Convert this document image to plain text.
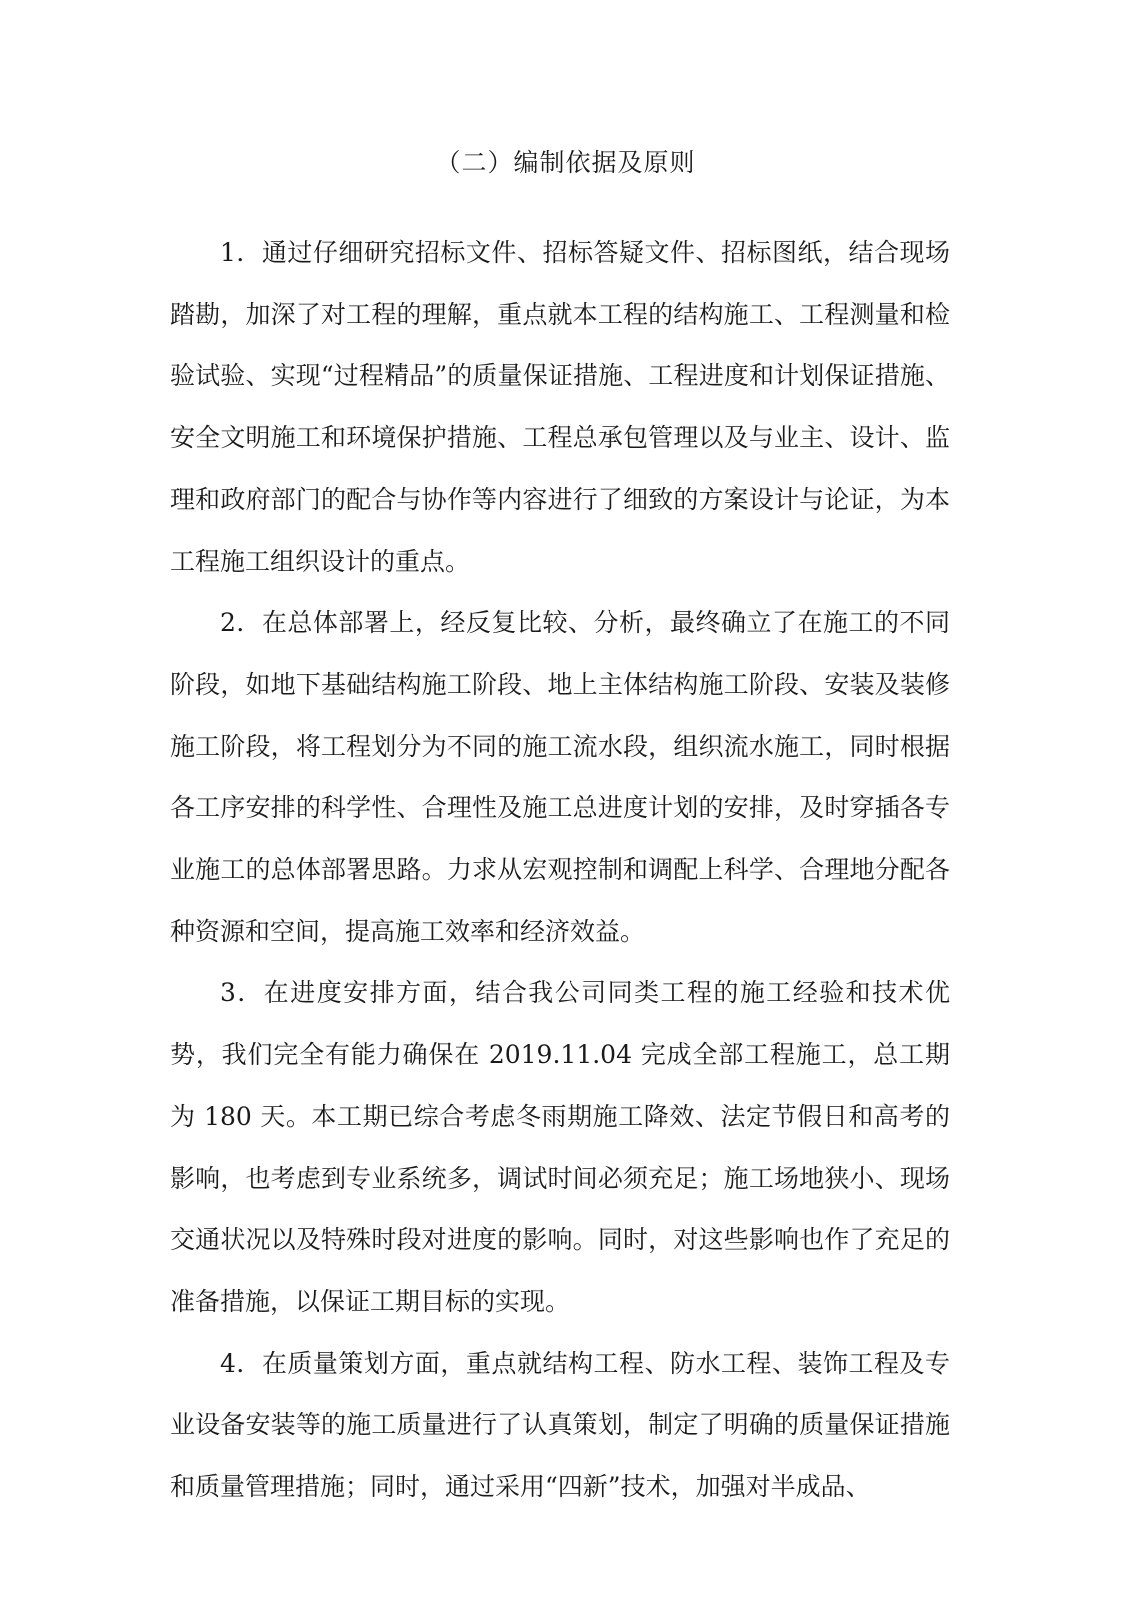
（二）编制依据及原则

1．通过仔细研究招标文件、招标答疑文件、招标图纸，结合现场踏勘，加深了对工程的理解，重点就本工程的结构施工、工程测量和检验试验、实现“过程精品”的质量保证措施、工程进度和计划保证措施、安全文明施工和环境保护措施、工程总承包管理以及与业主、设计、监理和政府部门的配合与协作等内容进行了细致的方案设计与论证，为本工程施工组织设计的重点。

2．在总体部署上，经反复比较、分析，最终确立了在施工的不同阶段，如地下基础结构施工阶段、地上主体结构施工阶段、安装及装修施工阶段，将工程划分为不同的施工流水段，组织流水施工，同时根据各工序安排的科学性、合理性及施工总进度计划的安排，及时穿插各专业施工的总体部署思路。力求从宏观控制和调配上科学、合理地分配各种资源和空间，提高施工效率和经济效益。

3．在进度安排方面，结合我公司同类工程的施工经验和技术优势，我们完全有能力确保在 2019.11.04 完成全部工程施工，总工期为 180 天。本工期已综合考虑冬雨期施工降效、法定节假日和高考的影响，也考虑到专业系统多，调试时间必须充足；施工场地狭小、现场交通状况以及特殊时段对进度的影响。同时，对这些影响也作了充足的准备措施，以保证工期目标的实现。

4．在质量策划方面，重点就结构工程、防水工程、装饰工程及专业设备安装等的施工质量进行了认真策划，制定了明确的质量保证措施和质量管理措施；同时，通过采用“四新”技术，加强对半成品、
